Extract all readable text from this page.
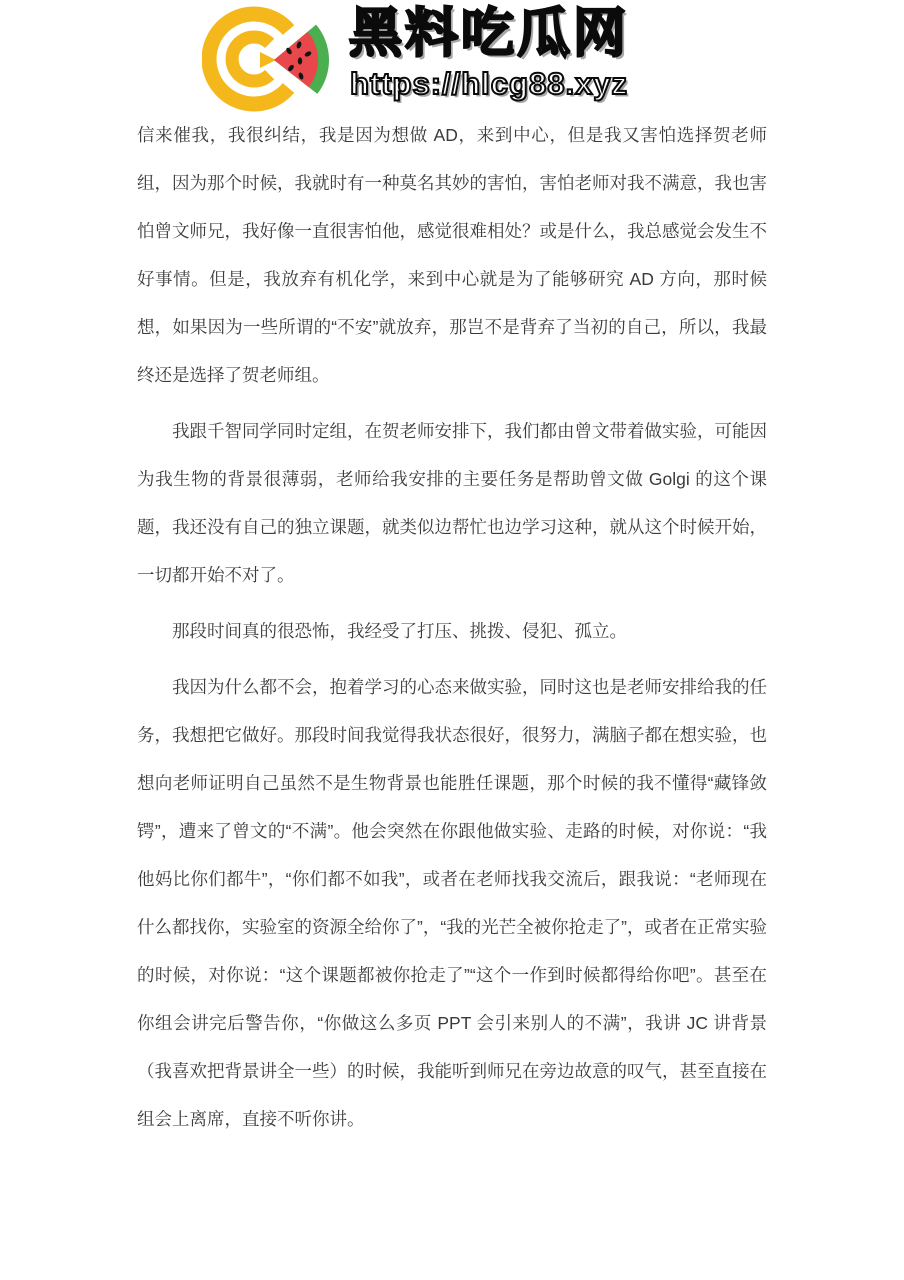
黑料吃瓜网
https://hlcg88.xyz

信来催我，我很纠结，我是因为想做 AD，来到中心，但是我又害怕选择贺老师组，因为那个时候，我就时有一种莫名其妙的害怕，害怕老师对我不满意，我也害怕曾文师兄，我好像一直很害怕他，感觉很难相处？或是什么，我总感觉会发生不好事情。但是，我放弃有机化学，来到中心就是为了能够研究 AD 方向，那时候想，如果因为一些所谓的“不安”就放弃，那岂不是背弃了当初的自己，所以，我最终还是选择了贺老师组。

我跟千智同学同时定组，在贺老师安排下，我们都由曾文带着做实验，可能因为我生物的背景很薄弱，老师给我安排的主要任务是帮助曾文做 Golgi 的这个课题，我还没有自己的独立课题，就类似边帮忙也边学习这种，就从这个时候开始，一切都开始不对了。

那段时间真的很恐怖，我经受了打压、挑拨、侵犯、孤立。

我因为什么都不会，抱着学习的心态来做实验，同时这也是老师安排给我的任务，我想把它做好。那段时间我觉得我状态很好，很努力，满脑子都在想实验，也想向老师证明自己虽然不是生物背景也能胜任课题，那个时候的我不懂得“藏锋敛锷”，遭来了曾文的“不满”。他会突然在你跟他做实验、走路的时候，对你说：“我他妈比你们都牛”，“你们都不如我”，或者在老师找我交流后，跟我说：“老师现在什么都找你，实验室的资源全给你了”，“我的光芒全被你抢走了”，或者在正常实验的时候，对你说：“这个课题都被你抢走了”“这个一作到时候都得给你吧”。甚至在你组会讲完后警告你，“你做这么多页 PPT 会引来别人的不满”，我讲 JC 讲背景（我喜欢把背景讲全一些）的时候，我能听到师兄在旁边故意的叹气，甚至直接在组会上离席，直接不听你讲。
